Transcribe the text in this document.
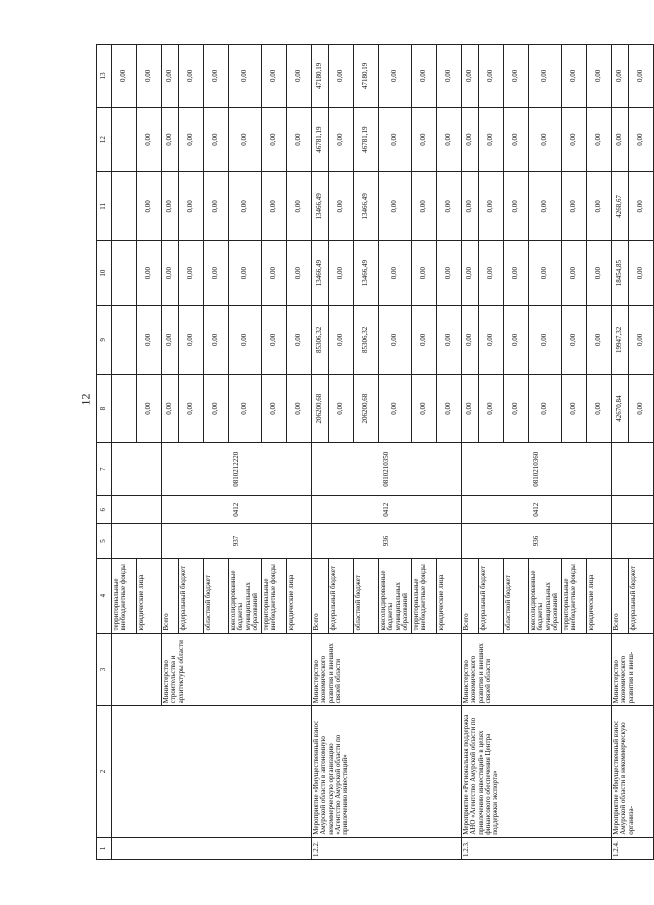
12
1	2	3	4	5	6	7	8	9	10	11	12	13
			территориальные внебюджетные фонды									0,00
			юридические лица				0,00	0,00	0,00	0,00	0,00	0,00
		Министерство строительства и архитектуры области	Всего	937	0412	0810212220	0,00	0,00	0,00	0,00	0,00	0,00
			федеральный бюджет				0,00	0,00	0,00	0,00	0,00	0,00
			областной бюджет				0,00	0,00	0,00	0,00	0,00	0,00
			консолидированные бюджеты муниципальных образований				0,00	0,00	0,00	0,00	0,00	0,00
			территориальные внебюджетные фонды				0,00	0,00	0,00	0,00	0,00	0,00
			юридические лица				0,00	0,00	0,00	0,00	0,00	0,00
1.2.2.	Мероприятие «Имущественный взнос Амурской области в автономную некоммерческую организацию «Агентство Амурской области по привлечению инвестиций»	Министерство экономического развития и внешних связей области	Всего	936	0412	0810210350	206200,68	85306,32	13466,49	13466,49	46781,19	47180,19
			федеральный бюджет				0,00	0,00	0,00	0,00	0,00	0,00
			областной бюджет				206200,68	85306,32	13466,49	13466,49	46781,19	47180,19
			консолидированные бюджеты муниципальных образований				0,00	0,00	0,00	0,00	0,00	0,00
			территориальные внебюджетные фонды				0,00	0,00	0,00	0,00	0,00	0,00
			юридические лица				0,00	0,00	0,00	0,00	0,00	0,00
1.2.3.	Мероприятие «Региональная поддержка АНО «Агентство Амурской области по привлечению инвестиций» в целях финансового обеспечения Центра поддержки экспорта»	Министерство экономического развития и внешних связей области	Всего	936	0412	0810210360	0,00	0,00	0,00	0,00	0,00	0,00
			федеральный бюджет				0,00	0,00	0,00	0,00	0,00	0,00
			областной бюджет				0,00	0,00	0,00	0,00	0,00	0,00
			консолидированные бюджеты муниципальных образований				0,00	0,00	0,00	0,00	0,00	0,00
			территориальные внебюджетные фонды				0,00	0,00	0,00	0,00	0,00	0,00
			юридические лица				0,00	0,00	0,00	0,00	0,00	0,00
1.2.4.	Мероприятие «Имущественный взнос Амурской области в некоммерческую организа-	Министерство экономического развития и внеш-	Всего				42670,84	19947,32	18454,85	4268,67	0,00	0,00
			федеральный бюджет				0,00	0,00	0,00	0,00	0,00	0,00
